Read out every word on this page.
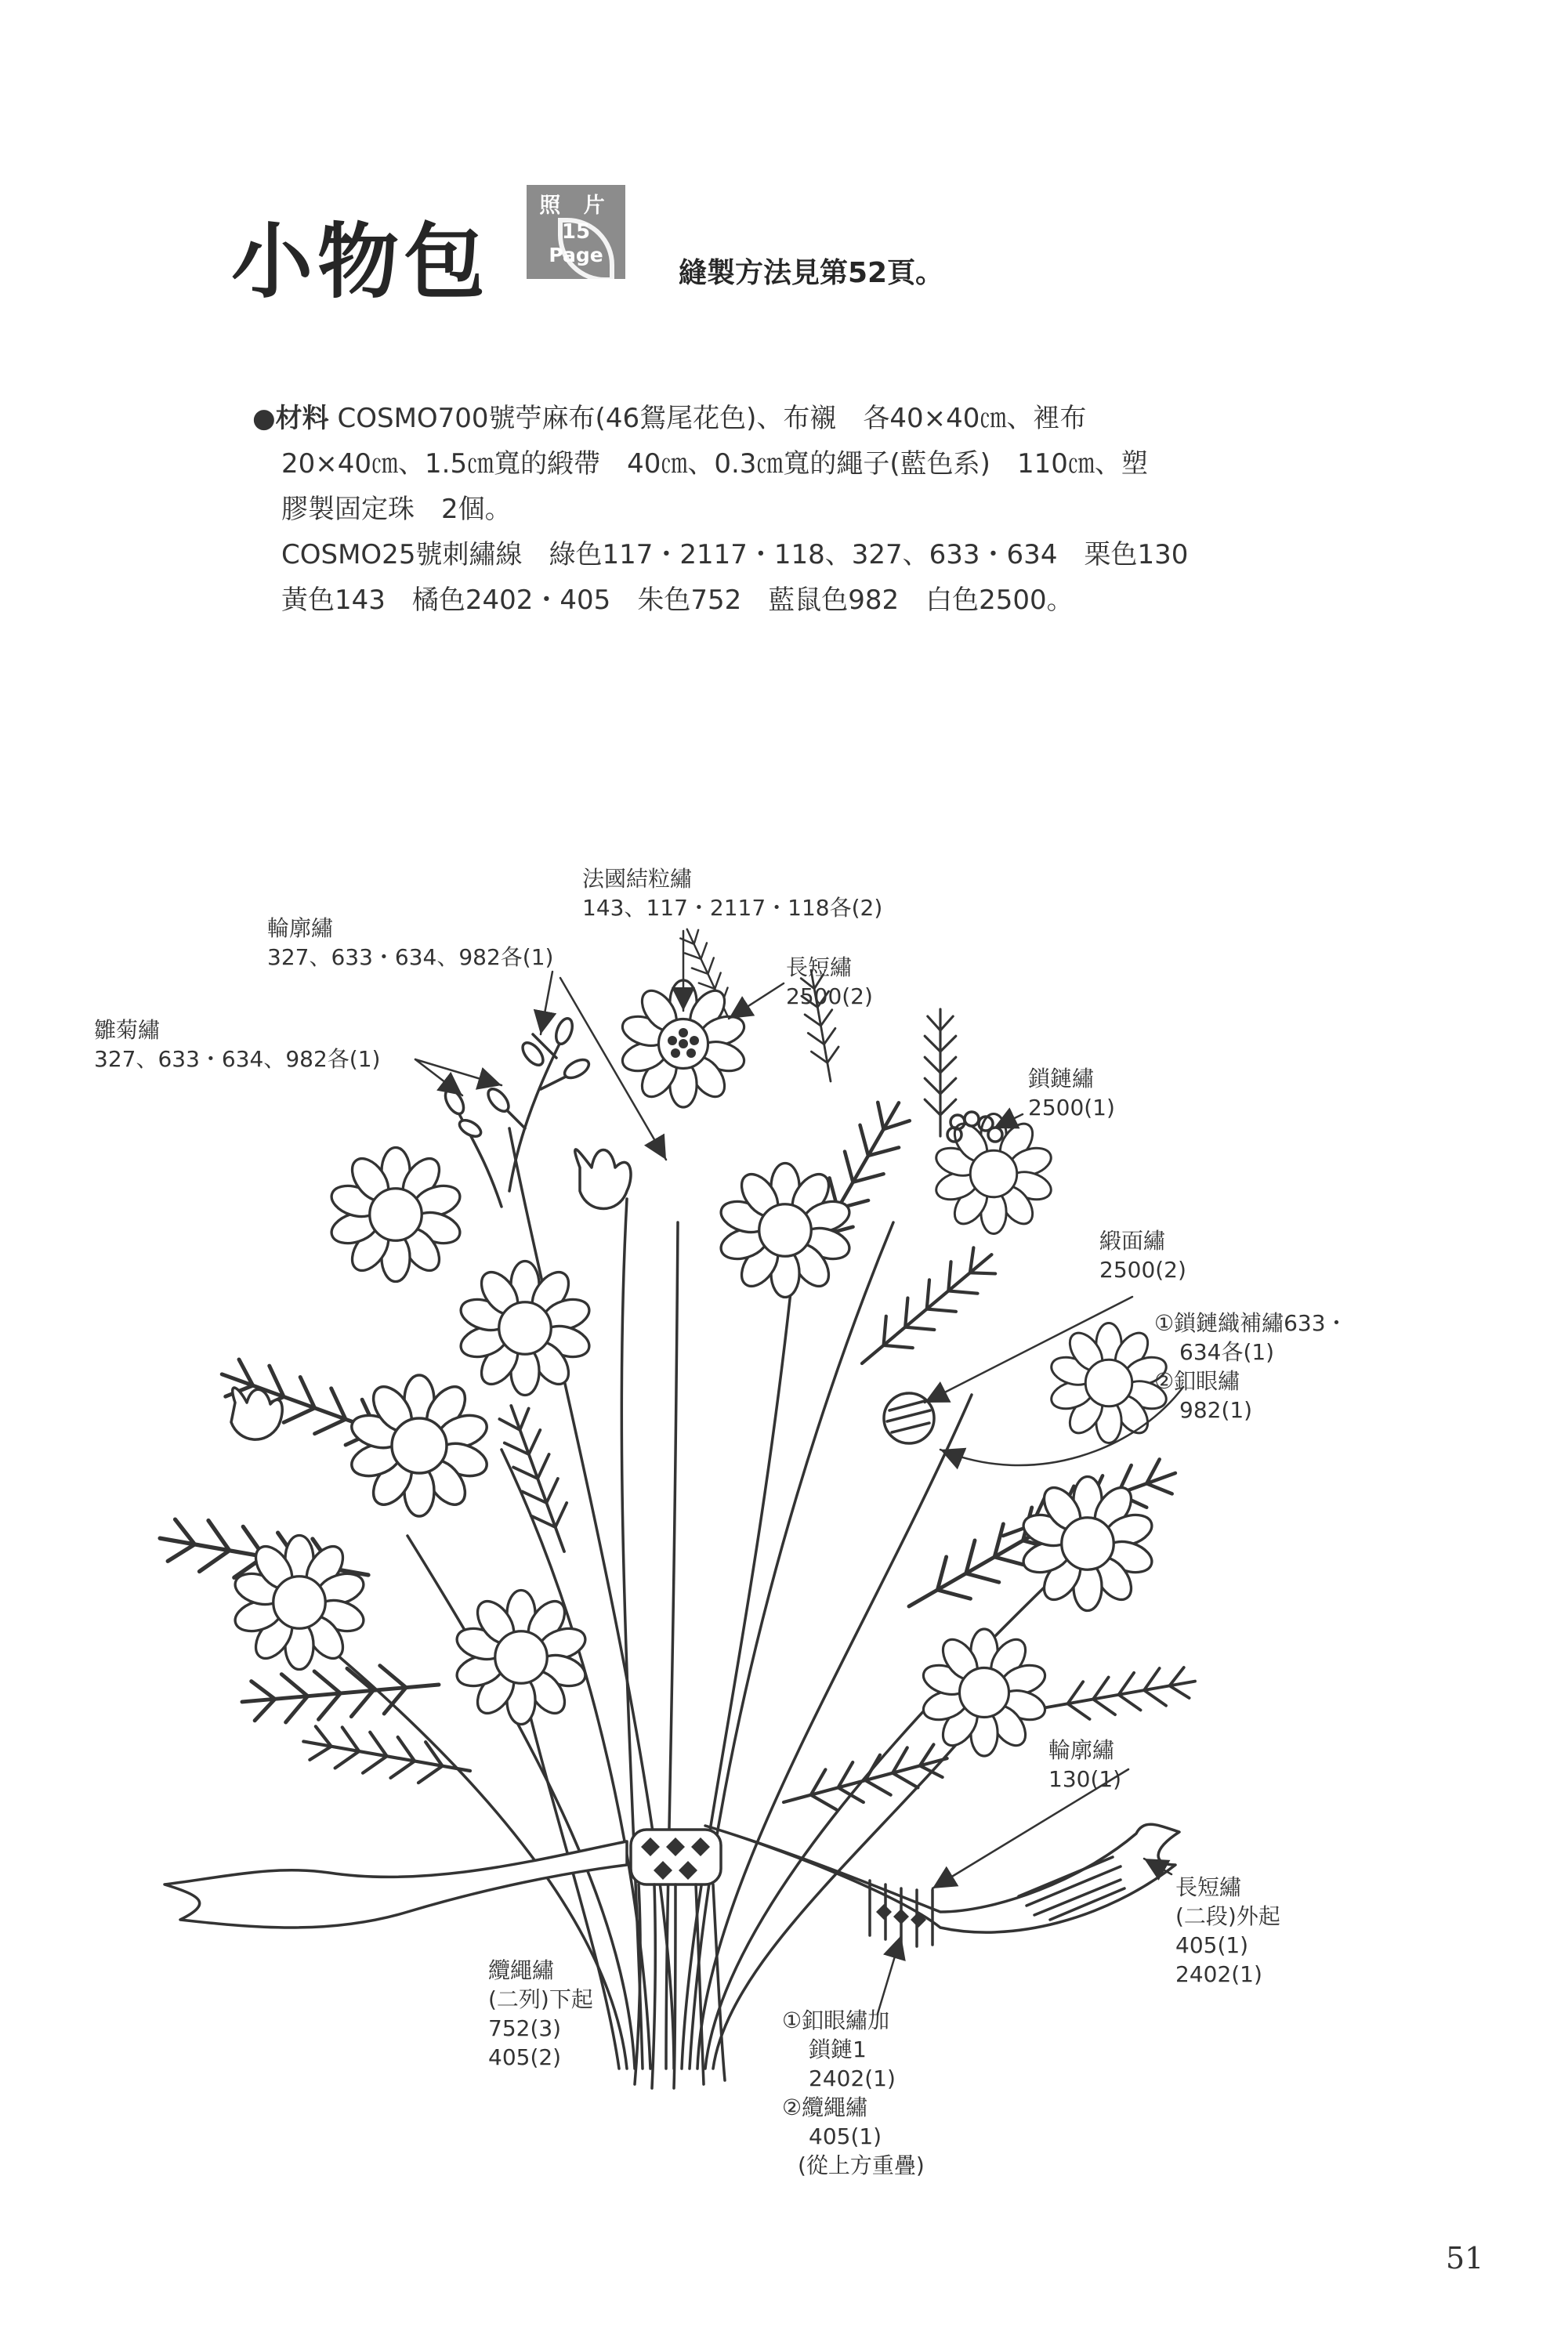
小物包
照 片
15
Page
縫製方法見第52頁。
●材料 COSMO700號苧麻布(46鴛尾花色)、布襯　各40×40㎝、裡布
20×40㎝、1.5㎝寬的緞帶　40㎝、0.3㎝寬的繩子(藍色系)　110㎝、塑
膠製固定珠　2個。
COSMO25號刺繡線　綠色117・2117・118、327、633・634　栗色130
黃色143　橘色2402・405　朱色752　藍鼠色982　白色2500。
法國結粒繡
143、117・2117・118各(2)
長短繡
2500(2)
輪廓繡
327、633・634、982各(1)
雛菊繡
327、633・634、982各(1)
鎖鏈繡
2500(1)
緞面繡
2500(2)
①鎖鏈織補繡633・
634各(1)
②釦眼繡
982(1)
輪廓繡
130(1)
長短繡
(二段)外起
405(1)
2402(1)
纜繩繡
(二列)下起
752(3)
405(2)
①釦眼繡加
鎖鏈1
2402(1)
②纜繩繡
405(1)
(從上方重疊)
51
